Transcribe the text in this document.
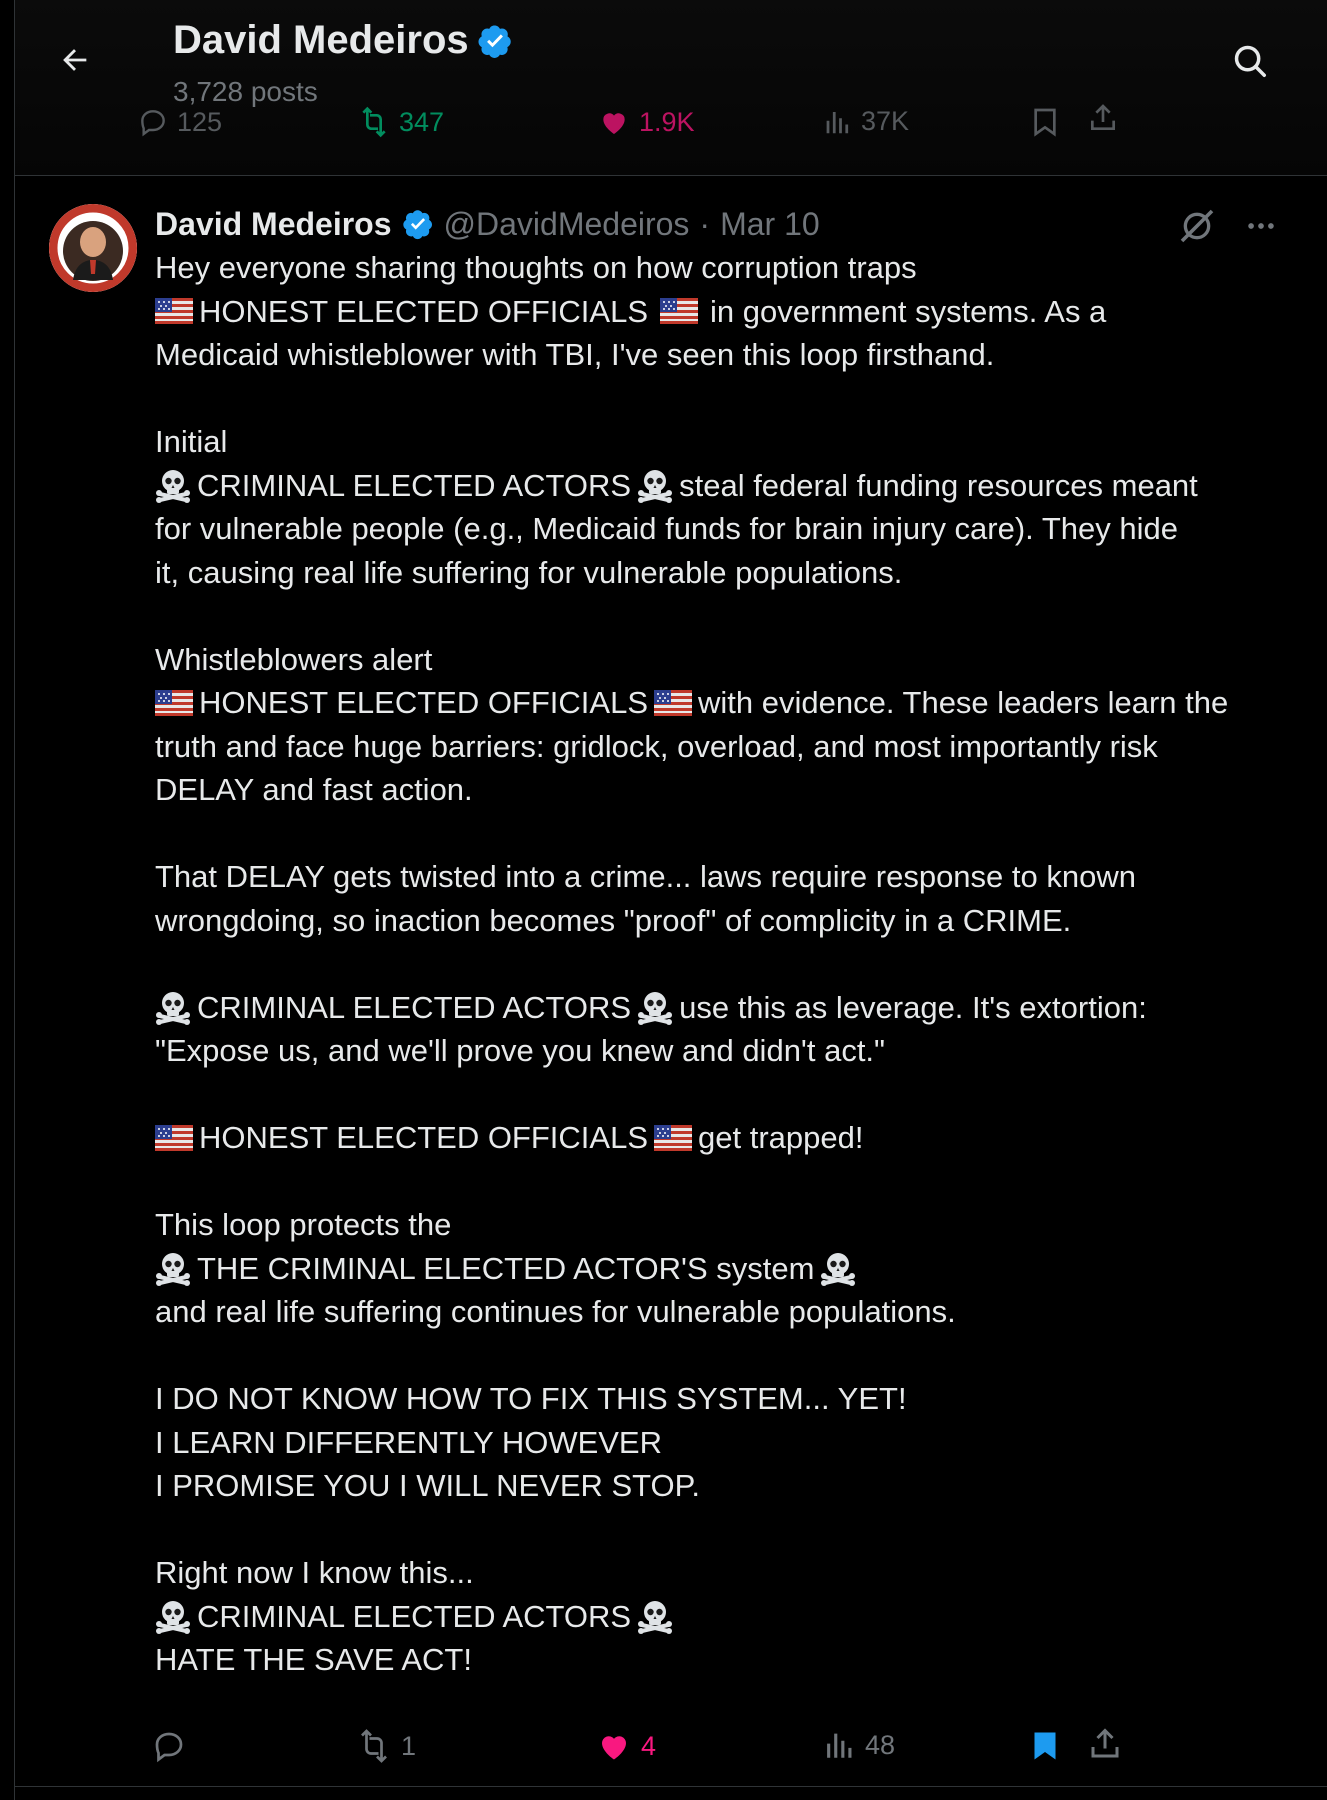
David Medeiros
3,728 posts
125	347	1.9K	37K
David Medeiros @DavidMedeiros · Mar 10
Hey everyone sharing thoughts on how corruption traps
HONEST ELECTED OFFICIALS in government systems. As a
Medicaid whistleblower with TBI, I've seen this loop firsthand.
Initial
CRIMINAL ELECTED ACTORS steal federal funding resources meant
for vulnerable people (e.g., Medicaid funds for brain injury care). They hide
it, causing real life suffering for vulnerable populations.
Whistleblowers alert
HONEST ELECTED OFFICIALS with evidence. These leaders learn the
truth and face huge barriers: gridlock, overload, and most importantly risk
DELAY and fast action.
That DELAY gets twisted into a crime... laws require response to known
wrongdoing, so inaction becomes "proof" of complicity in a CRIME.
CRIMINAL ELECTED ACTORS use this as leverage. It's extortion:
"Expose us, and we'll prove you knew and didn't act."
HONEST ELECTED OFFICIALS get trapped!
This loop protects the
THE CRIMINAL ELECTED ACTOR'S system
and real life suffering continues for vulnerable populations.
I DO NOT KNOW HOW TO FIX THIS SYSTEM... YET!
I LEARN DIFFERENTLY HOWEVER
I PROMISE YOU I WILL NEVER STOP.
Right now I know this...
CRIMINAL ELECTED ACTORS
HATE THE SAVE ACT!
1	4	48
